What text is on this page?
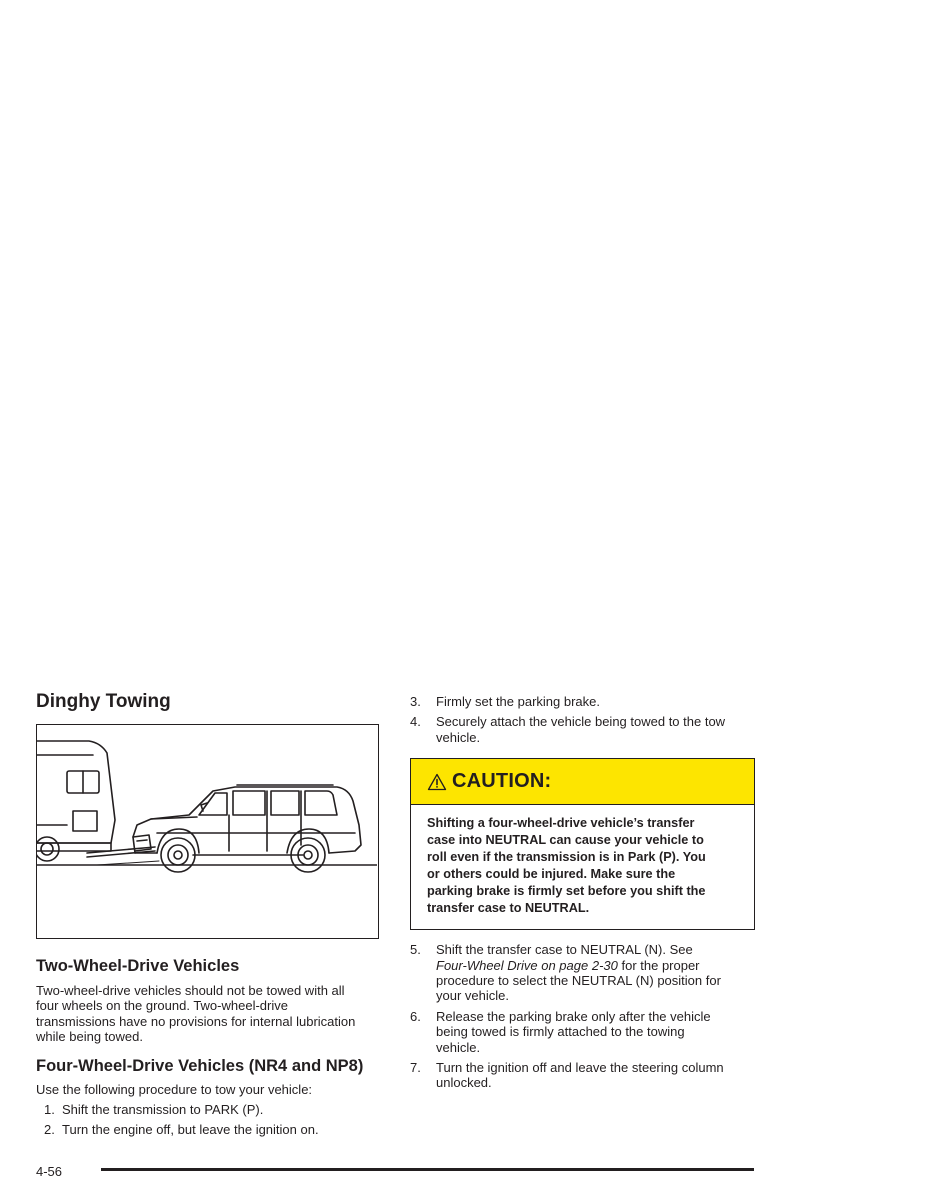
Dinghy Towing
Two-Wheel-Drive Vehicles

Two-wheel-drive vehicles should not be towed with all

four wheels on the ground. Two-wheel-drive

transmissions have no provisions for internal lubrication

while being towed.

Four-Wheel-Drive Vehicles (NR4 and NP8)

Use the following procedure to tow your vehicle:

1. Shift the transmission to PARK (P).
2. Turn the engine off, but leave the ignition on.
3.	Firmly set the parking brake.
4.	Securely attach the vehicle being towed to the tow
vehicle.
CAUTION:
Shifting a four-wheel-drive vehicle’s transfer
case into NEUTRAL can cause your vehicle to
roll even if the transmission is in Park (P). You
or others could be injured. Make sure the
parking brake is firmly set before you shift the
transfer case to NEUTRAL.
5.	Shift the transfer case to NEUTRAL (N). See
Four-Wheel Drive on page 2-30 for the proper
procedure to select the NEUTRAL (N) position for
your vehicle.
6.	Release the parking brake only after the vehicle
being towed is firmly attached to the towing
vehicle.
7.	Turn the ignition off and leave the steering column
unlocked.
4-56
